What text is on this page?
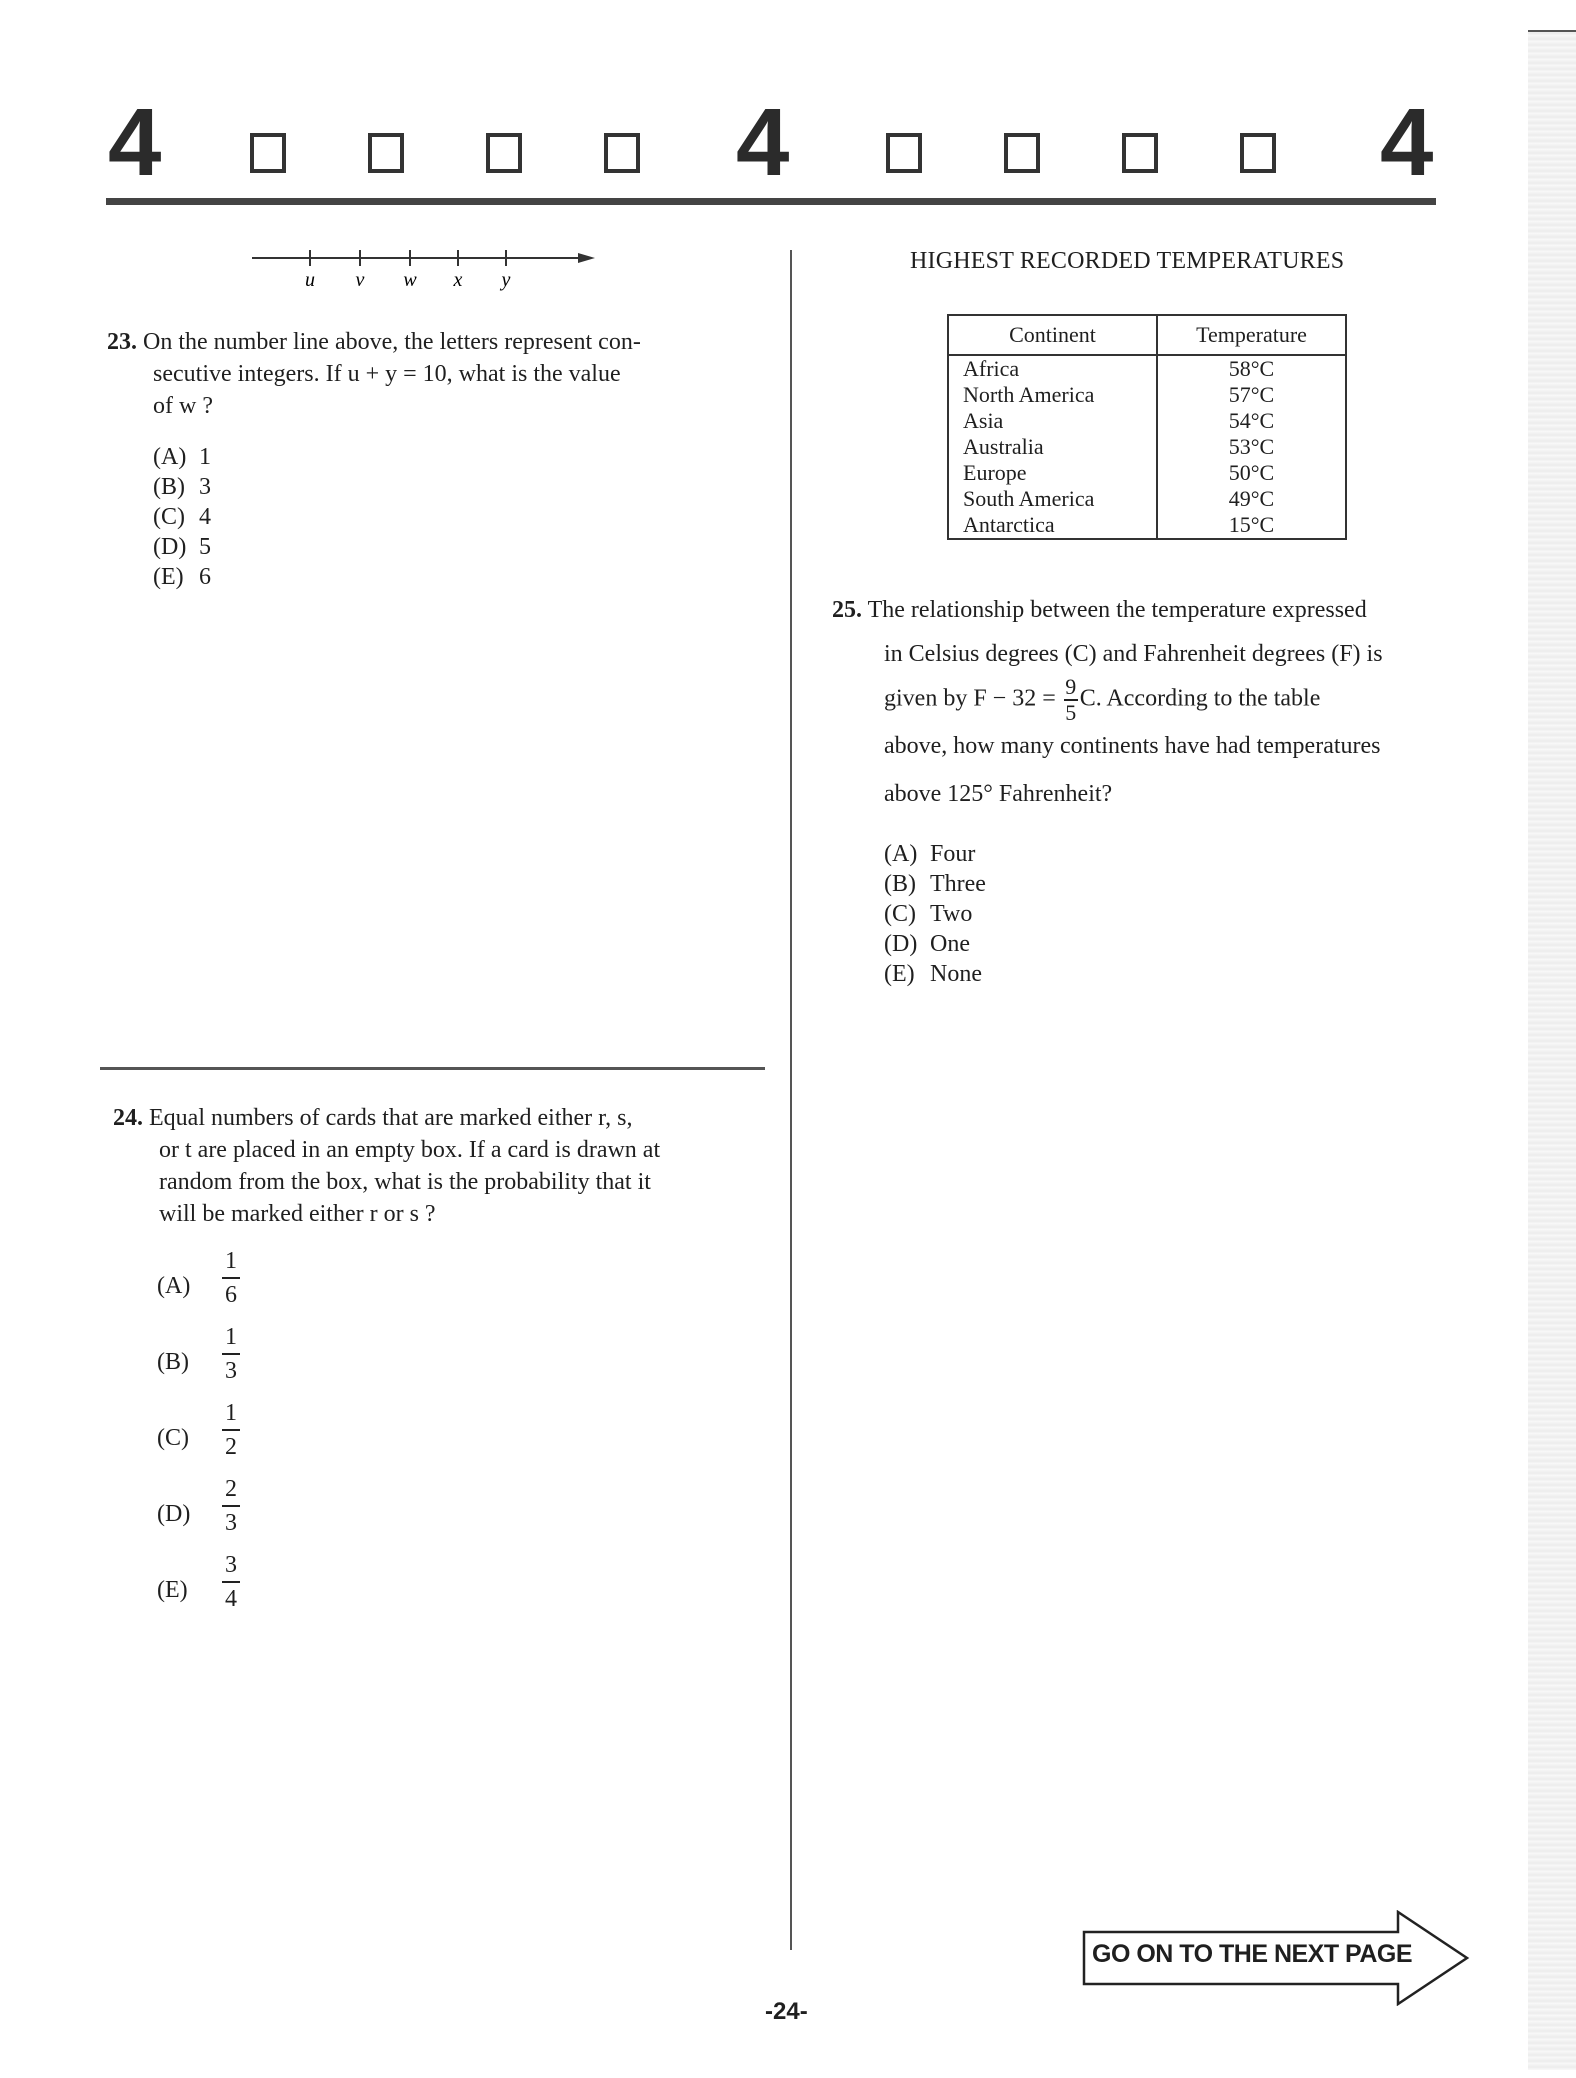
4	4	4
u v w x y
23. On the number line above, the letters represent con-
secutive integers. If u + y = 10, what is the value
of w ?
(A) 1
(B) 3
(C) 4
(D) 5
(E) 6
24. Equal numbers of cards that are marked either r, s,
or t are placed in an empty box. If a card is drawn at
random from the box, what is the probability that it
will be marked either r or s ?
(A)
1
6
(B)
1
3
(C)
1
2
(D)
2
3
(E)
3
4
HIGHEST RECORDED TEMPERATURES
Continent	Temperature
Africa	58°C
North America	57°C
Asia	54°C
Australia	53°C
Europe	50°C
South America	49°C
Antarctica	15°C
25. The relationship between the temperature expressed
in Celsius degrees (C) and Fahrenheit degrees (F) is
given by $F - 32 = \frac{9}{5} C$. According to the table
above, how many continents have had temperatures
above 125° Fahrenheit?
(A) Four
(B) Three
(C) Two
(D) One
(E) None
GO ON TO THE NEXT PAGE
-24-
